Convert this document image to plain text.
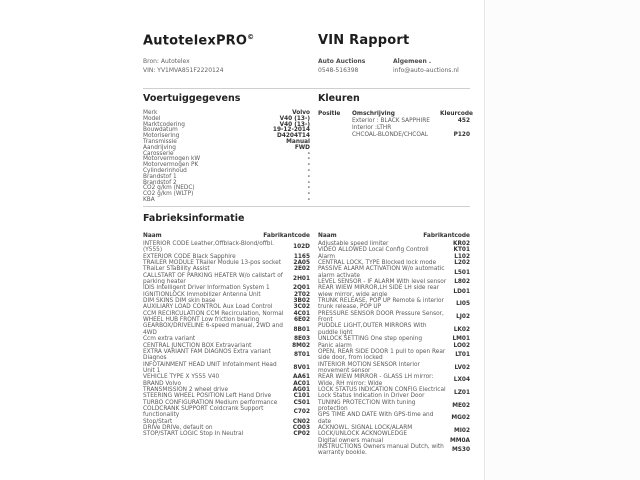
AutotelexPRO©	VIN Rapport
Bron: Autotelex
VIN: YV1MVA851F2220124
Auto Auctions
0548-516398
Algemeen .
info@auto-auctions.nl
Voertuiggegevens
Merk	Volvo
Model	V40 (13-)
Marktcodering	V40 (13-)
Bouwdatum	19-12-2014
Motorisering	D4204T14
Transmissie	Manual
Aandrijving	FWD
Carosserie	-
Motorvermogen kW	-
Motorvermogen PK	-
Cylinderinhoud	-
Brandstof 1	-
Brandstof 2	-
CO2 g/km (NEDC)	-
CO2 g/km (WLTP)	-
KBA	-
Kleuren
Positie	Omschrijving	Kleurcode
Exterior : BLACK SAPPHIRE	452
Interior :LTHR
CHCOAL-BLONDE/CHCOAL	P120
Fabrieksinformatie
Naam	Fabrikantcode
INTERIOR CODE Leather,Offblack-Blond/offbl. (Y555)
102D
EXTERIOR CODE Black Sapphire	1165
TRAILER MODULE TRailer Module 13-pos socket	2A05
TRaiLer STaBility Assist	2E02
CALLSTART OF PARKING HEATER W/o callstart of parking heater
2H01
IDIS Intelligent Driver Information System 1	2Q01
IGNITIONLOCK Immobilizer Antenna Unit	2T02
DIM SKINS DIM skin base	3B02
AUXILIARY LOAD CONTROL Aux Load Control	3C02
CCM RECIRCULATION CCM Recirculation, Normal	4C01
WHEEL HUB FRONT Low friction bearing	6E02
GEARBOX/DRIVELINE 6-speed manual, 2WD and 4WD
8B01
Ccm extra variant	8E03
CENTRAL JUNCTION BOX Extravariant	8M02
EXTRA VARIANT FAM DIAGNOS Extra variant Diagnos
8T01
INFOTAINMENT HEAD UNIT Infotainment Head Unit 1
8V01
VEHICLE TYPE X Y555 V40	AA61
BRAND Volvo	AC01
TRANSMISSION 2 wheel drive	AG01
STEERING WHEEL POSITION Left Hand Drive	C101
TURBO CONFIGURATION Medium performance	C501
COLDCRANK SUPPORT Coldcrank Support functionality
C702
Stop/Start	CN02
DRIVe DRIVe, default on	CO03
STOP/START LOGIC Stop In Neutral	CP02
Naam	Fabrikantcode
Adjustable speed limiter	KR02
VIDEO ALLOWED Local Config Controll	KT01
Alarm	L102
CENTRAL LOCK, TYPE Blocked lock mode	L202
PASSIVE ALARM ACTIVATION W/o automatic alarm activate
L501
LEVEL SENSOR - IF ALARM With level sensor	L802
REAR WIEW MIRROR,LH SIDE LH side rear wiew mirror, wide angle
LD01
TRUNK RELEASE, POP UP Remote & interior trunk release, POP UP
LI05
PRESSURE SENSOR DOOR Pressure Sensor, Front
LJ02
PUDDLE LIGHT,OUTER MIRRORS With puddle light
LK02
UNLOCK SETTING One step opening	LM01
Panic alarm	LO02
OPEN, REAR SIDE DOOR 1 pull to open Rear side door, from locked
LT01
INTERIOR MOTION SENSOR Interior movement sensor
LV02
REAR WIEW MIRROR - GLASS LH mirror: Wide, RH mirror: Wide
LX04
LOCK STATUS INDICATION CONFIG Electrical Lock Status Indication in Driver Door
LZ01
TUNING PROTECTION With tuning protection
ME02
GPS TIME AND DATE With GPS-time and date
MG02
ACKNOWL. SIGNAL LOCK/ALARM LOCK/UNLOCK ACKNOWLEDGE
MI02
Digital owners manual	MM0A
INSTRUCTIONS Owners manual Dutch, with warranty bookle.
MS30
